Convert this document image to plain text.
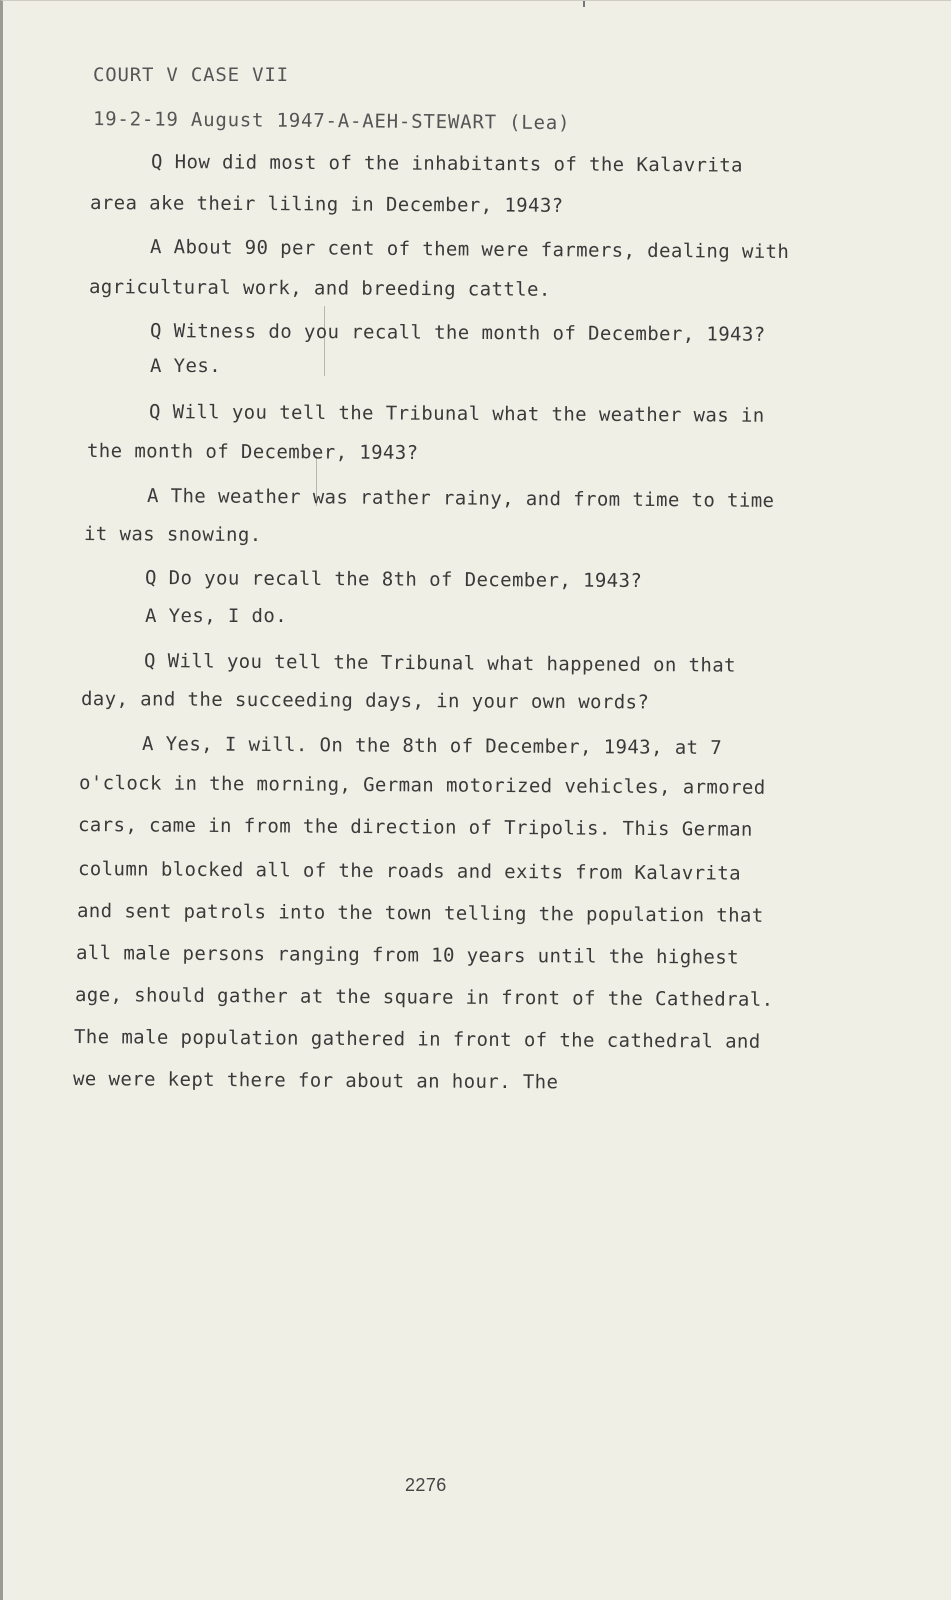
COURT V CASE VII
19-2-19 August 1947-A-AEH-STEWART (Lea)
Q How did most of the inhabitants of the Kalavrita
area ake their liling in December, 1943?
A About 90 per cent of them were farmers, dealing with
agricultural work, and breeding cattle.
Q Witness do you recall the month of December, 1943?
A Yes.
Q Will you tell the Tribunal what the weather was in
the month of December, 1943?
A The weather was rather rainy, and from time to time
it was snowing.
Q Do you recall the 8th of December, 1943?
A Yes, I do.
Q Will you tell the Tribunal what happened on that
day, and the succeeding days, in your own words?
A Yes, I will. On the 8th of December, 1943, at 7
o'clock in the morning, German motorized vehicles, armored
cars, came in from the direction of Tripolis. This German
column blocked all of the roads and exits from Kalavrita
and sent patrols into the town telling the population that
all male persons ranging from 10 years until the highest
age, should gather at the square in front of the Cathedral.
The male population gathered in front of the cathedral and
we were kept there for about an hour. The
2276
